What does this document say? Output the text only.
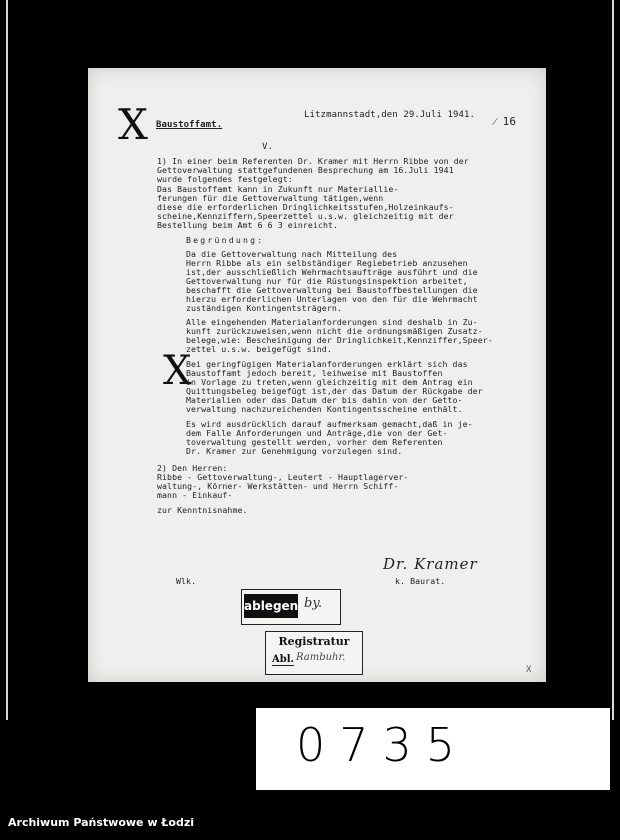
X
X
Baustoffamt.
Litzmannstadt,den 29.Juli 1941. ⁄ 16
V.
1) In einer beim Referenten Dr. Kramer mit Herrn Ribbe von der
Gettoverwaltung stattgefundenen Besprechung am 16.Juli 1941
wurde folgendes festgelegt:
Das Baustoffamt kann in Zukunft nur Materiallie-
ferungen für die Gettoverwaltung tätigen,wenn
diese die erforderlichen Dringlichkeitsstufen,Holzeinkaufs-
scheine,Kennziffern,Speerzettel u.s.w. gleichzeitig mit der
Bestellung beim Amt 6 6 3 einreicht.
Begründung:
Da die Gettoverwaltung nach Mitteilung des
Herrn Ribbe als ein selbständiger Regiebetrieb anzusehen
ist,der ausschließlich Wehrmachtsaufträge ausführt und die
Gettoverwaltung nur für die Rüstungsinspektion arbeitet,
beschafft die Gettoverwaltung bei Baustoffbestellungen die
hierzu erforderlichen Unterlagen von den für die Wehrmacht
zuständigen Kontingentsträgern.
Alle eingehenden Materialanforderungen sind deshalb in Zu-
kunft zurückzuweisen,wenn nicht die ordnungsmäßigen Zusatz-
belege,wie: Bescheinigung der Dringlichkeit,Kennziffer,Speer-
zettel u.s.w. beigefügt sind.
Bei geringfügigen Materialanforderungen erklärt sich das
Baustoffamt jedoch bereit, leihweise mit Baustoffen
in Vorlage zu treten,wenn gleichzeitig mit dem Antrag ein
Quittungsbeleg beigefügt ist,der das Datum der Rückgabe der
Materialien oder das Datum der bis dahin von der Getto-
verwaltung nachzureichenden Kontingentsscheine enthält.
Es wird ausdrücklich darauf aufmerksam gemacht,daß in je-
dem Falle Anforderungen und Anträge,die von der Get-
toverwaltung gestellt werden, vorher dem Referenten
Dr. Kramer zur Genehmigung vorzulegen sind.
2) Den Herren:
Ribbe - Gettoverwaltung-, Leutert - Hauptlagerver-
waltung-, Körner- Werkstätten- und Herrn Schiff-
mann - Einkauf-
zur Kenntnisnahme.
Dr. Kramer
k. Baurat.
Wlk.
ablegen by.
Registratur
Abl. Rambuhr.
X
0735
Archiwum Państwowe w Łodzi
